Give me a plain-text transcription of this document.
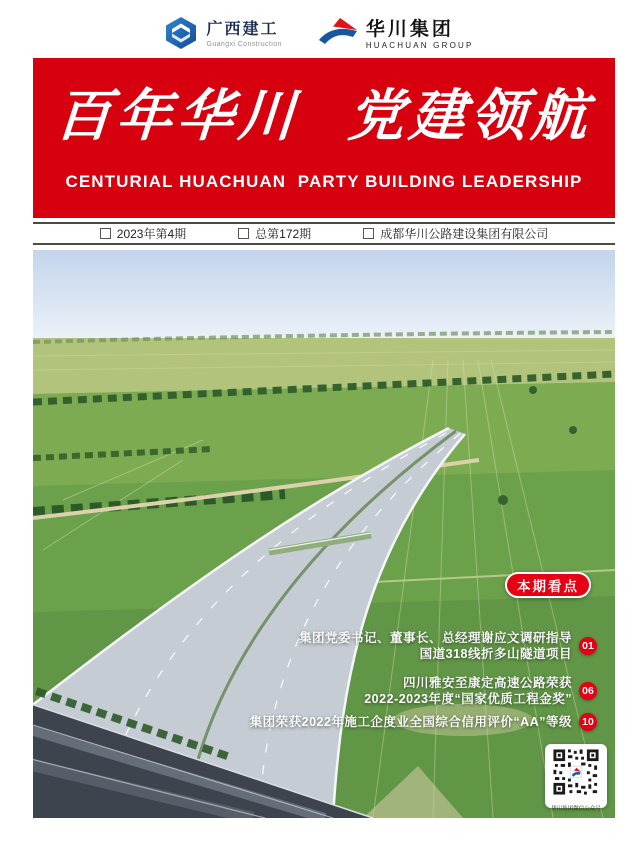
广西建工
Guangxi Construction
华川集团
HUACHUAN GROUP
百年华川  党建领航
CENTURIAL HUACHUAN  PARTY BUILDING LEADERSHIP
2023年第4期	总第172期	成都华川公路建设集团有限公司
本期看点
集团党委书记、董事长、总经理谢应文调研指导
国道318线折多山隧道项目
01
四川雅安至康定高速公路荣获
2022-2023年度“国家优质工程金奖”
06
集团荣获2022年施工企度业全国综合信用评价“AA”等级 10
华川集团微信公众号
